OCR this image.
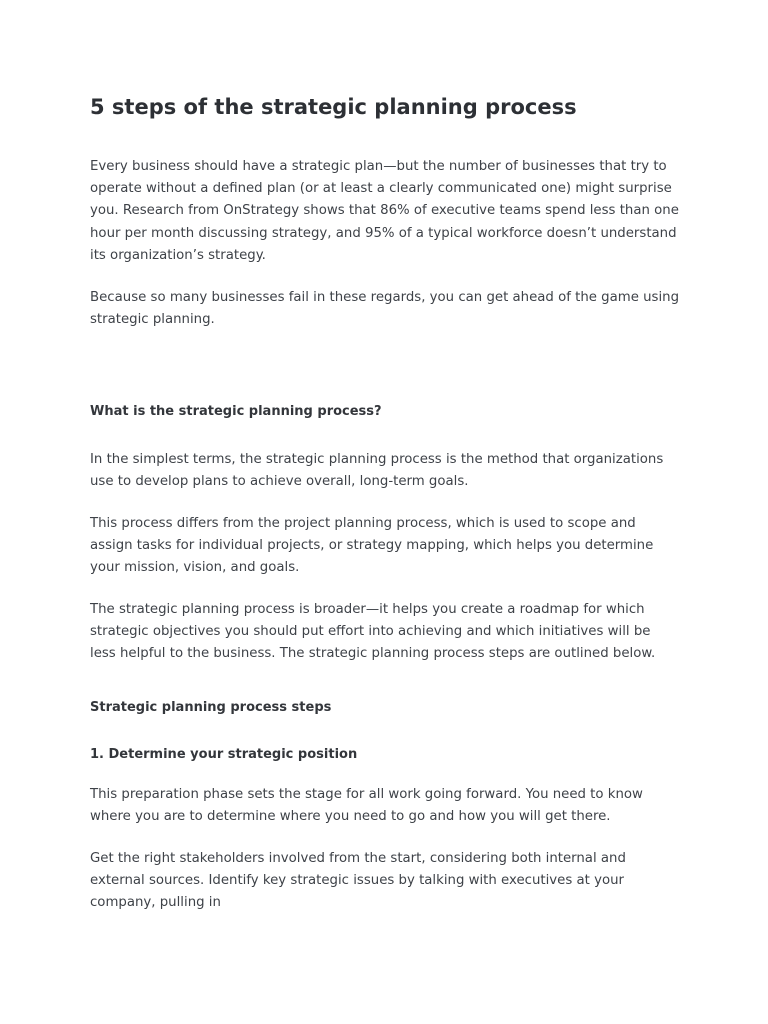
5 steps of the strategic planning process

Every business should have a strategic plan—but the number of businesses that try to operate without a defined plan (or at least a clearly communicated one) might surprise you. Research from OnStrategy shows that 86% of executive teams spend less than one hour per month discussing strategy, and 95% of a typical workforce doesn’t understand its organization’s strategy.

Because so many businesses fail in these regards, you can get ahead of the game using strategic planning.

What is the strategic planning process?

In the simplest terms, the strategic planning process is the method that organizations use to develop plans to achieve overall, long-term goals.

This process differs from the project planning process, which is used to scope and assign tasks for individual projects, or strategy mapping, which helps you determine your mission, vision, and goals.

The strategic planning process is broader—it helps you create a roadmap for which strategic objectives you should put effort into achieving and which initiatives will be less helpful to the business. The strategic planning process steps are outlined below.

Strategic planning process steps
1. Determine your strategic position

This preparation phase sets the stage for all work going forward. You need to know where you are to determine where you need to go and how you will get there.

Get the right stakeholders involved from the start, considering both internal and external sources. Identify key strategic issues by talking with executives at your company, pulling in
